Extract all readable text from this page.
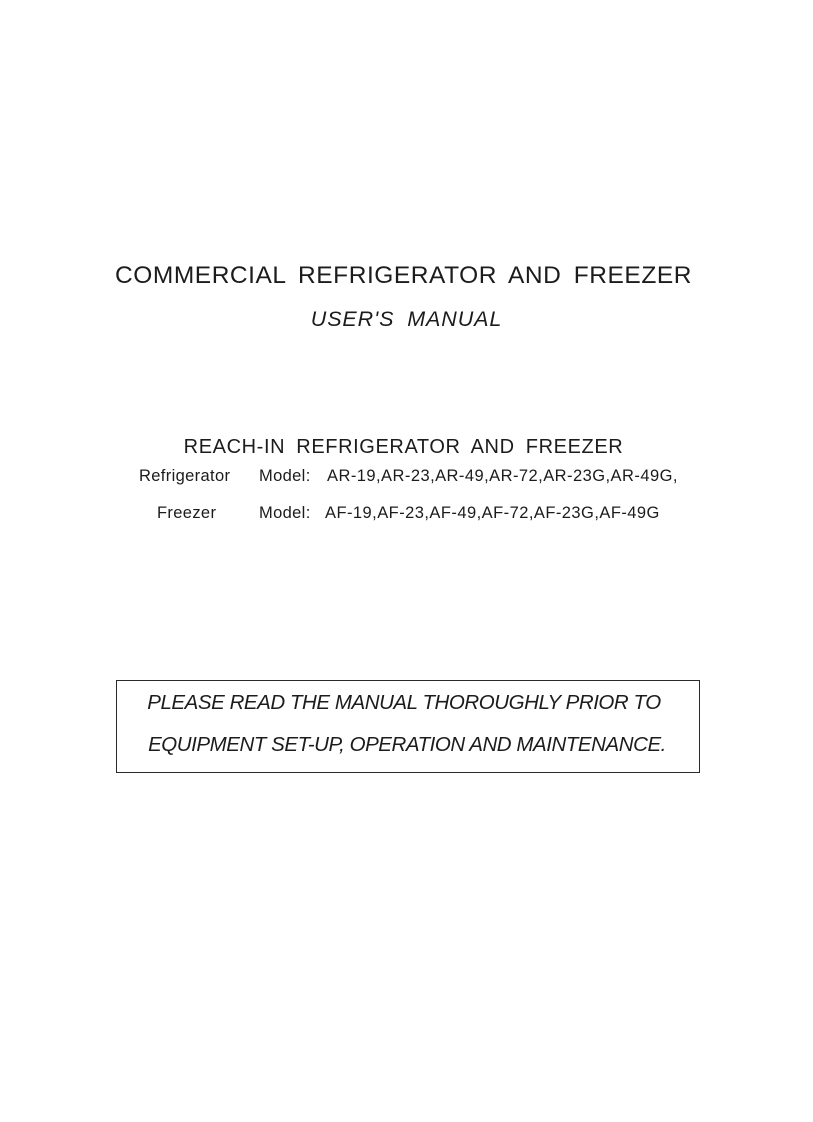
COMMERCIAL REFRIGERATOR AND FREEZER
USER'S MANUAL
REACH-IN REFRIGERATOR AND FREEZER
Refrigerator Model: AR-19,AR-23,AR-49,AR-72,AR-23G,AR-49G,
Freezer	Model: AF-19,AF-23,AF-49,AF-72,AF-23G,AF-49G
PLEASE READ THE MANUAL THOROUGHLY PRIOR TO
EQUIPMENT SET-UP, OPERATION AND MAINTENANCE.
